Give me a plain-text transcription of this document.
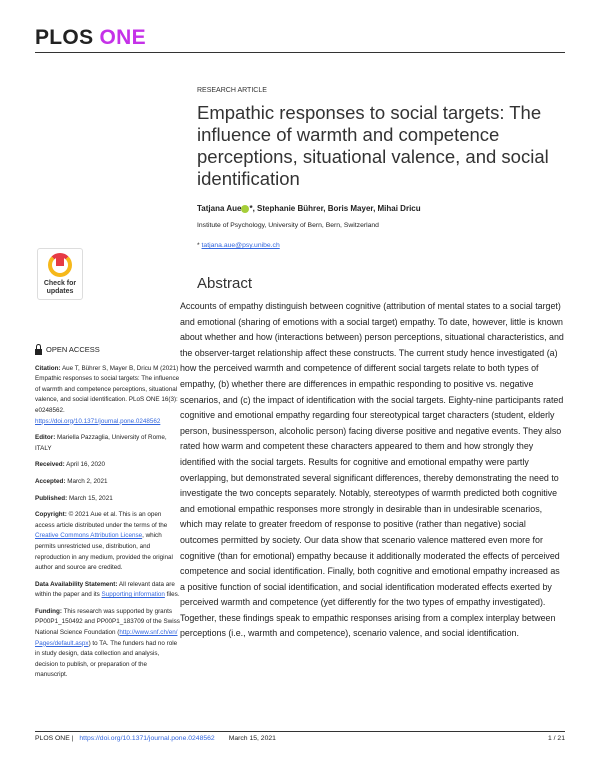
PLOS ONE
RESEARCH ARTICLE
Empathic responses to social targets: The influence of warmth and competence perceptions, situational valence, and social identification
Tatjana Aue *, Stephanie Bührer, Boris Mayer, Mihai Dricu
Institute of Psychology, University of Bern, Bern, Switzerland
* tatjana.aue@psy.unibe.ch
Abstract

Accounts of empathy distinguish between cognitive (attribution of mental states to a social target) and emotional (sharing of emotions with a social target) empathy. To date, however, little is known about whether and how (interactions between) person perceptions, situational characteristics, and the observer-target relationship affect these constructs. The current study hence investigated (a) how the perceived warmth and competence of different social targets relate to both types of empathy, (b) whether there are differences in empathic responding to positive vs. negative scenarios, and (c) the impact of identification with the social targets. Eighty-nine participants rated cognitive and emotional empathy regarding four stereotypical target characters (student, elderly person, businessperson, alcoholic person) facing diverse positive and negative events. They also rated how warm and competent these characters appeared to them and how strongly they identified with the social targets. Results for cognitive and emotional empathy were partly overlapping, but demonstrated several significant differences, thereby demonstrating the need to investigate the two concepts separately. Notably, stereotypes of warmth predicted both cognitive and emotional empathic responses more strongly in desirable than in undesirable scenarios, which may relate to greater freedom of response to positive (rather than negative) social outcomes permitted by society. Our data show that scenario valence mattered even more for cognitive (than for emotional) empathy because it additionally moderated the effects of perceived competence and social identification. Finally, both cognitive and emotional empathy increased as a positive function of social identification, and social identification moderated effects exerted by perceived warmth and competence (yet differently for the two types of empathy investigated). Together, these findings speak to empathic responses arising from a complex interplay between perceptions (i.e., warmth and competence), scenario valence, and social identification.

Check for
updates
OPEN ACCESS

Citation: Aue T, Bührer S, Mayer B, Dricu M (2021) Empathic responses to social targets: The influence of warmth and competence perceptions, situational valence, and social identification. PLoS ONE 16(3): e0248562. https://doi.org/10.1371/journal.pone.0248562

Editor: Mariella Pazzaglia, University of Rome, ITALY

Received: April 16, 2020

Accepted: March 2, 2021

Published: March 15, 2021

Copyright: © 2021 Aue et al. This is an open access article distributed under the terms of the Creative Commons Attribution License, which permits unrestricted use, distribution, and reproduction in any medium, provided the original author and source are credited.

Data Availability Statement: All relevant data are within the paper and its Supporting information files.

Funding: This research was supported by grants PP00P1_150492 and PP00P1_183709 of the Swiss National Science Foundation (http://www.snf.ch/en/Pages/default.aspx) to TA. The funders had no role in study design, data collection and analysis, decision to publish, or preparation of the manuscript.

PLOS ONE | https://doi.org/10.1371/journal.pone.0248562 March 15, 2021	1 / 21
